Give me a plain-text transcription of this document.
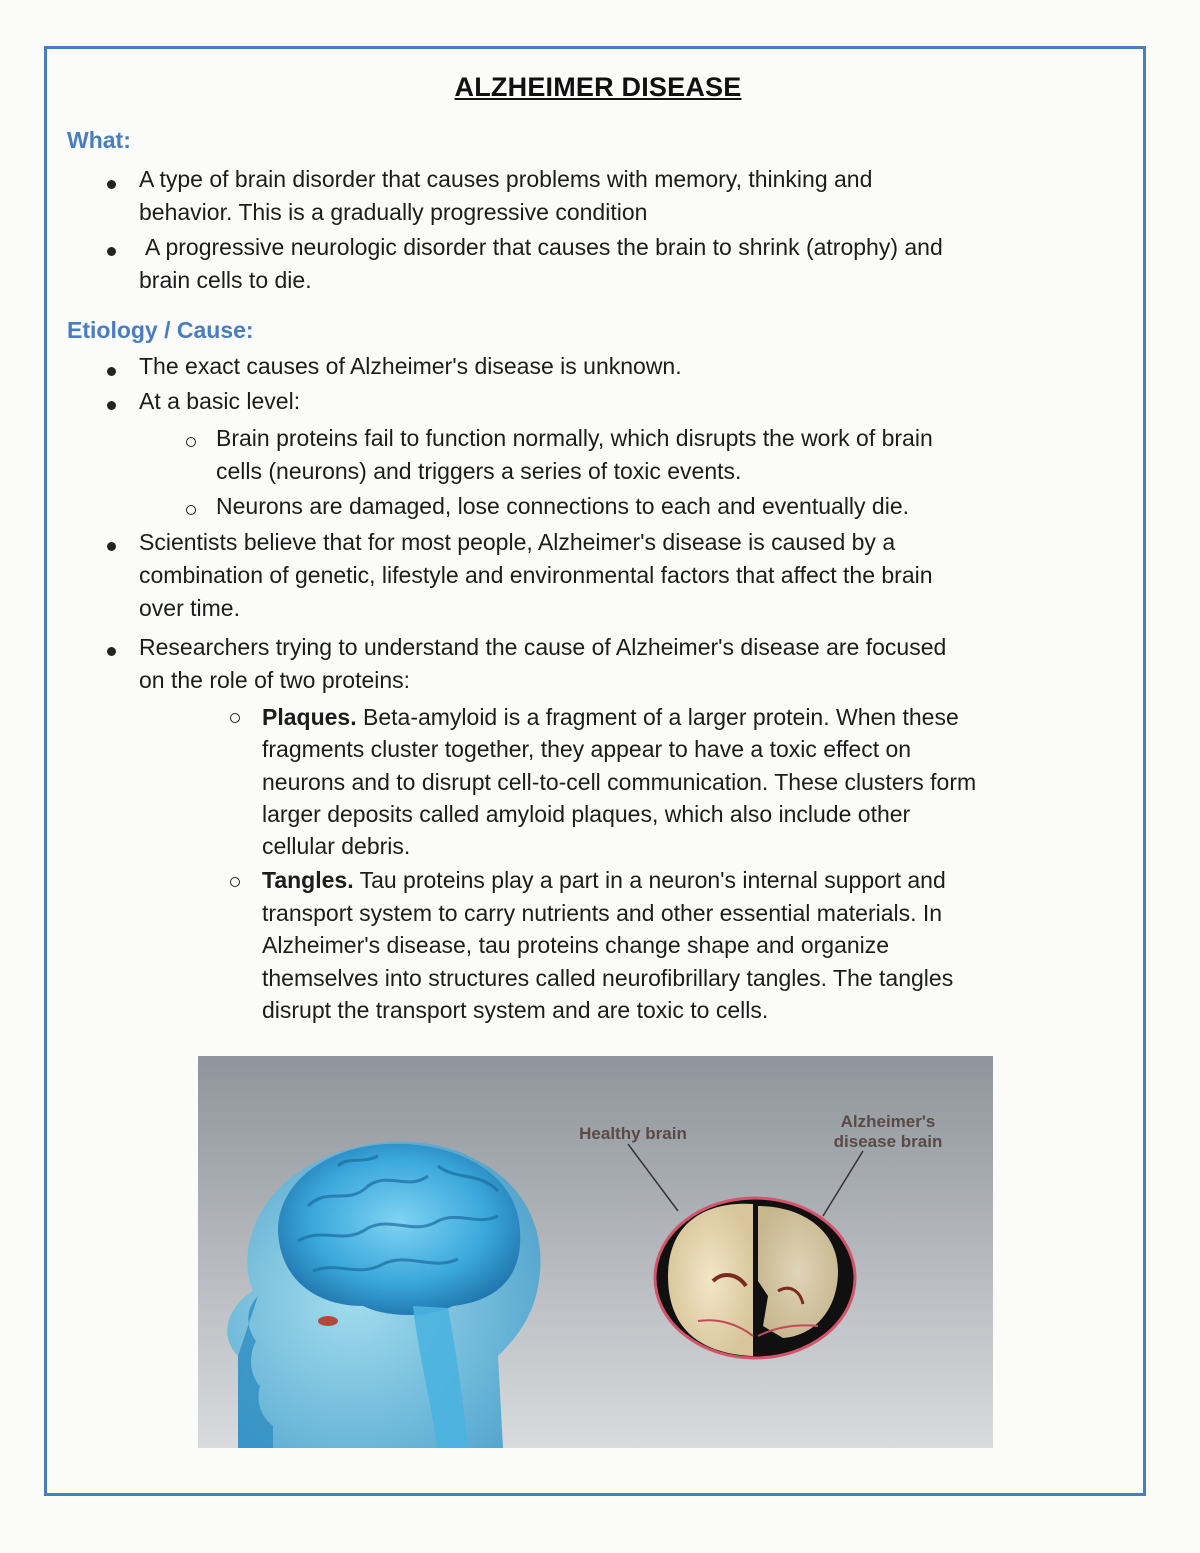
ALZHEIMER DISEASE
What:
A type of brain disorder that causes problems with memory, thinking and
behavior. This is a gradually progressive condition
A progressive neurologic disorder that causes the brain to shrink (atrophy) and
brain cells to die.
Etiology / Cause:
The exact causes of Alzheimer's disease is unknown.
At a basic level:
Brain proteins fail to function normally, which disrupts the work of brain
cells (neurons) and triggers a series of toxic events.
Neurons are damaged, lose connections to each and eventually die.
Scientists believe that for most people, Alzheimer's disease is caused by a
combination of genetic, lifestyle and environmental factors that affect the brain
over time.
Researchers trying to understand the cause of Alzheimer's disease are focused
on the role of two proteins:
Plaques. Beta-amyloid is a fragment of a larger protein. When these
fragments cluster together, they appear to have a toxic effect on
neurons and to disrupt cell-to-cell communication. These clusters form
larger deposits called amyloid plaques, which also include other
cellular debris.
Tangles. Tau proteins play a part in a neuron's internal support and
transport system to carry nutrients and other essential materials. In
Alzheimer's disease, tau proteins change shape and organize
themselves into structures called neurofibrillary tangles. The tangles
disrupt the transport system and are toxic to cells.
Healthy brain
Alzheimer's
disease brain
